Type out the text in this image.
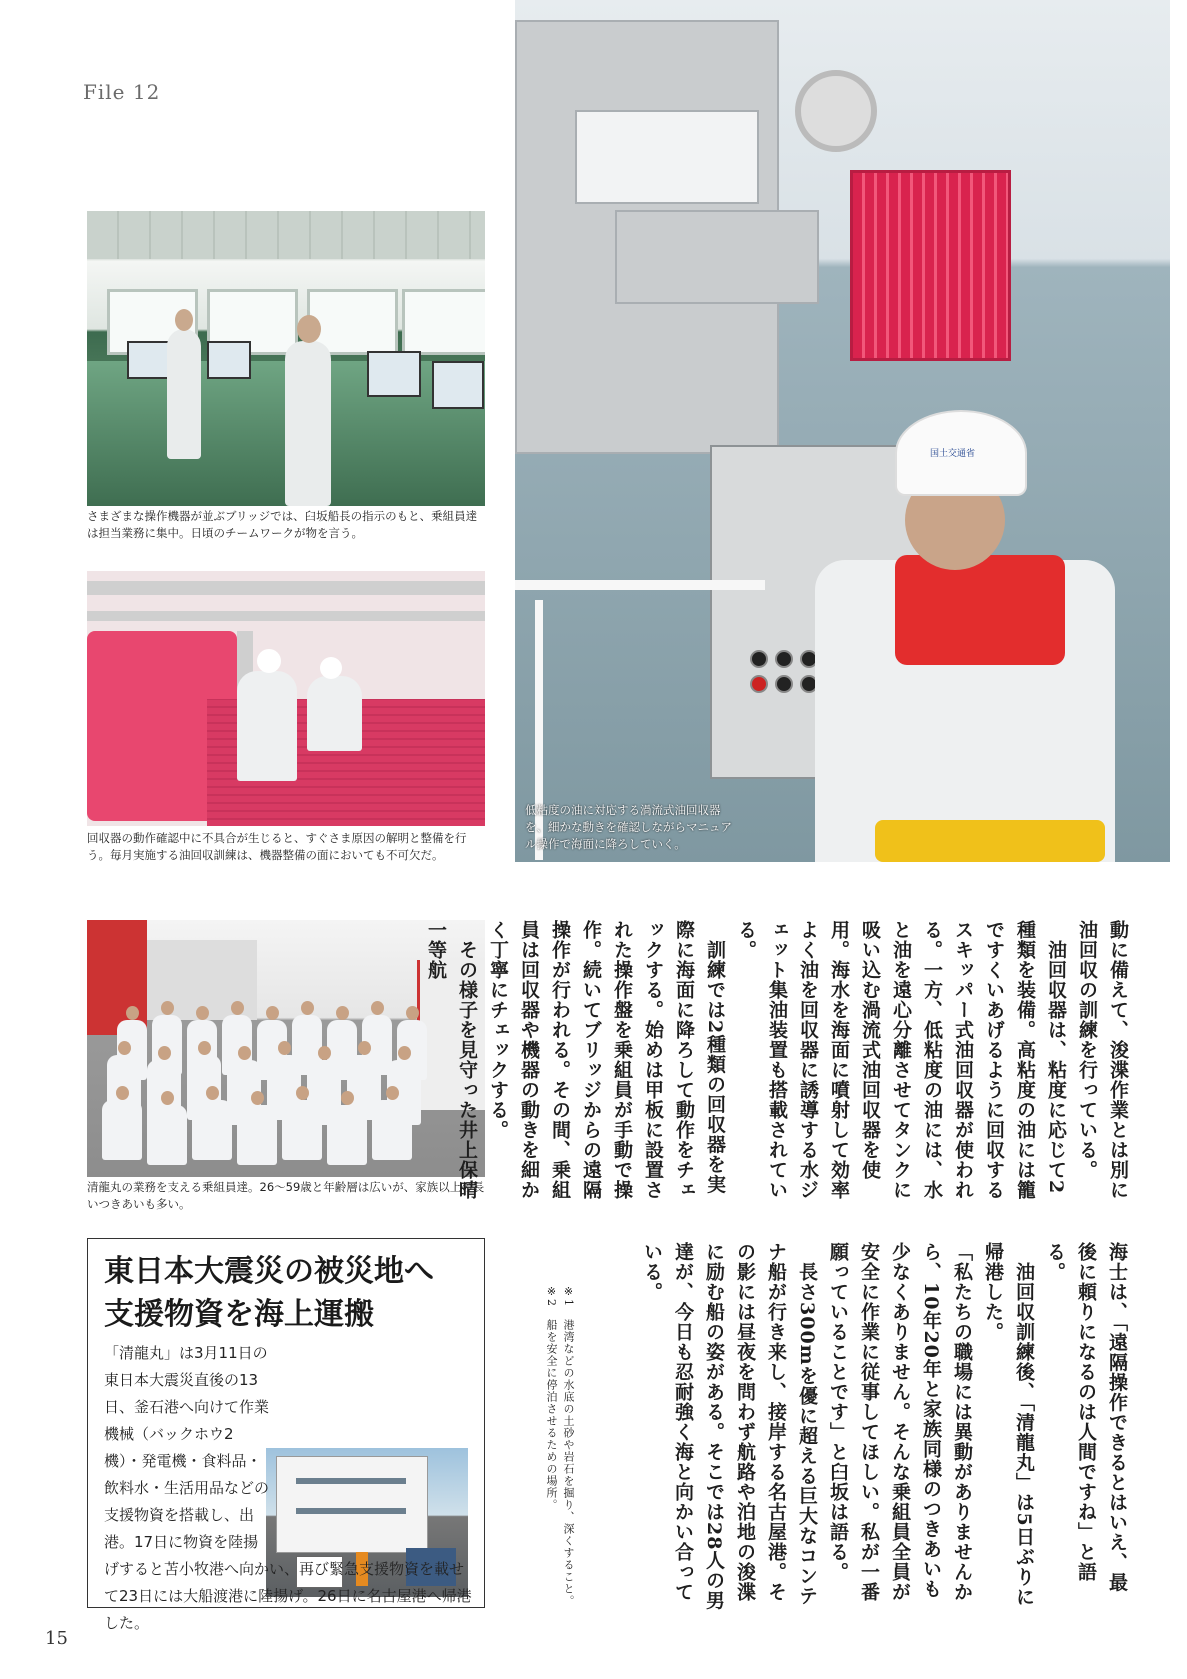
File 12
さまざまな操作機器が並ぶブリッジでは、臼坂船長の指示のもと、乗組員達は担当業務に集中。日頃のチームワークが物を言う。
回収器の動作確認中に不具合が生じると、すぐさま原因の解明と整備を行う。毎月実施する油回収訓練は、機器整備の面においても不可欠だ。
国土交通省
低粘度の油に対応する渦流式油回収器を、細かな動きを確認しながらマニュアル操作で海面に降ろしていく。
清龍丸の業務を支える乗組員達。26〜59歳と年齢層は広いが、家族以上の長いつきあいも多い。
動に備えて、浚渫作業とは別に油回収の訓練を行っている。
　油回収器は、粘度に応じて2種類を装備。高粘度の油には籠ですくいあげるように回収するスキッパー式油回収器が使われる。一方、低粘度の油には、水と油を遠心分離させてタンクに吸い込む渦流式油回収器を使用。海水を海面に噴射して効率よく油を回収器に誘導する水ジェット集油装置も搭載されている。
　訓練では2種類の回収器を実際に海面に降ろして動作をチェックする。始めは甲板に設置された操作盤を乗組員が手動で操作。続いてブリッジからの遠隔操作が行われる。その間、乗組員は回収器や機器の動きを細かく丁寧にチェックする。
　その様子を見守った井上保晴一等航
海士は、「遠隔操作できるとはいえ、最後に頼りになるのは人間ですね」と語る。
　油回収訓練後、「清龍丸」は5日ぶりに帰港した。
「私たちの職場には異動がありませんから、10年20年と家族同様のつきあいも少なくありません。そんな乗組員全員が安全に作業に従事してほしい。私が一番願っていることです」と臼坂は語る。
　長さ300mを優に超える巨大なコンテナ船が行き来し、接岸する名古屋港。その影には昼夜を問わず航路や泊地の浚渫に励む船の姿がある。そこでは28人の男達が、今日も忍耐強く海と向かい合っている。
※1　港湾などの水底の土砂や岩石を掘り、深くすること。
※2　船を安全に停泊させるための場所。
東日本大震災の被災地へ
支援物資を海上運搬
「清龍丸」は3月11日の東日本大震災直後の13日、釜石港へ向けて作業機械（バックホウ2機）・発電機・食料品・飲料水・生活用品などの支援物資を搭載し、出港。17日に物資を陸揚げすると苫小牧港へ向かい、再び緊急支援物資を載せて23日には大船渡港に陸揚げ。26日に名古屋港へ帰港した。
15
